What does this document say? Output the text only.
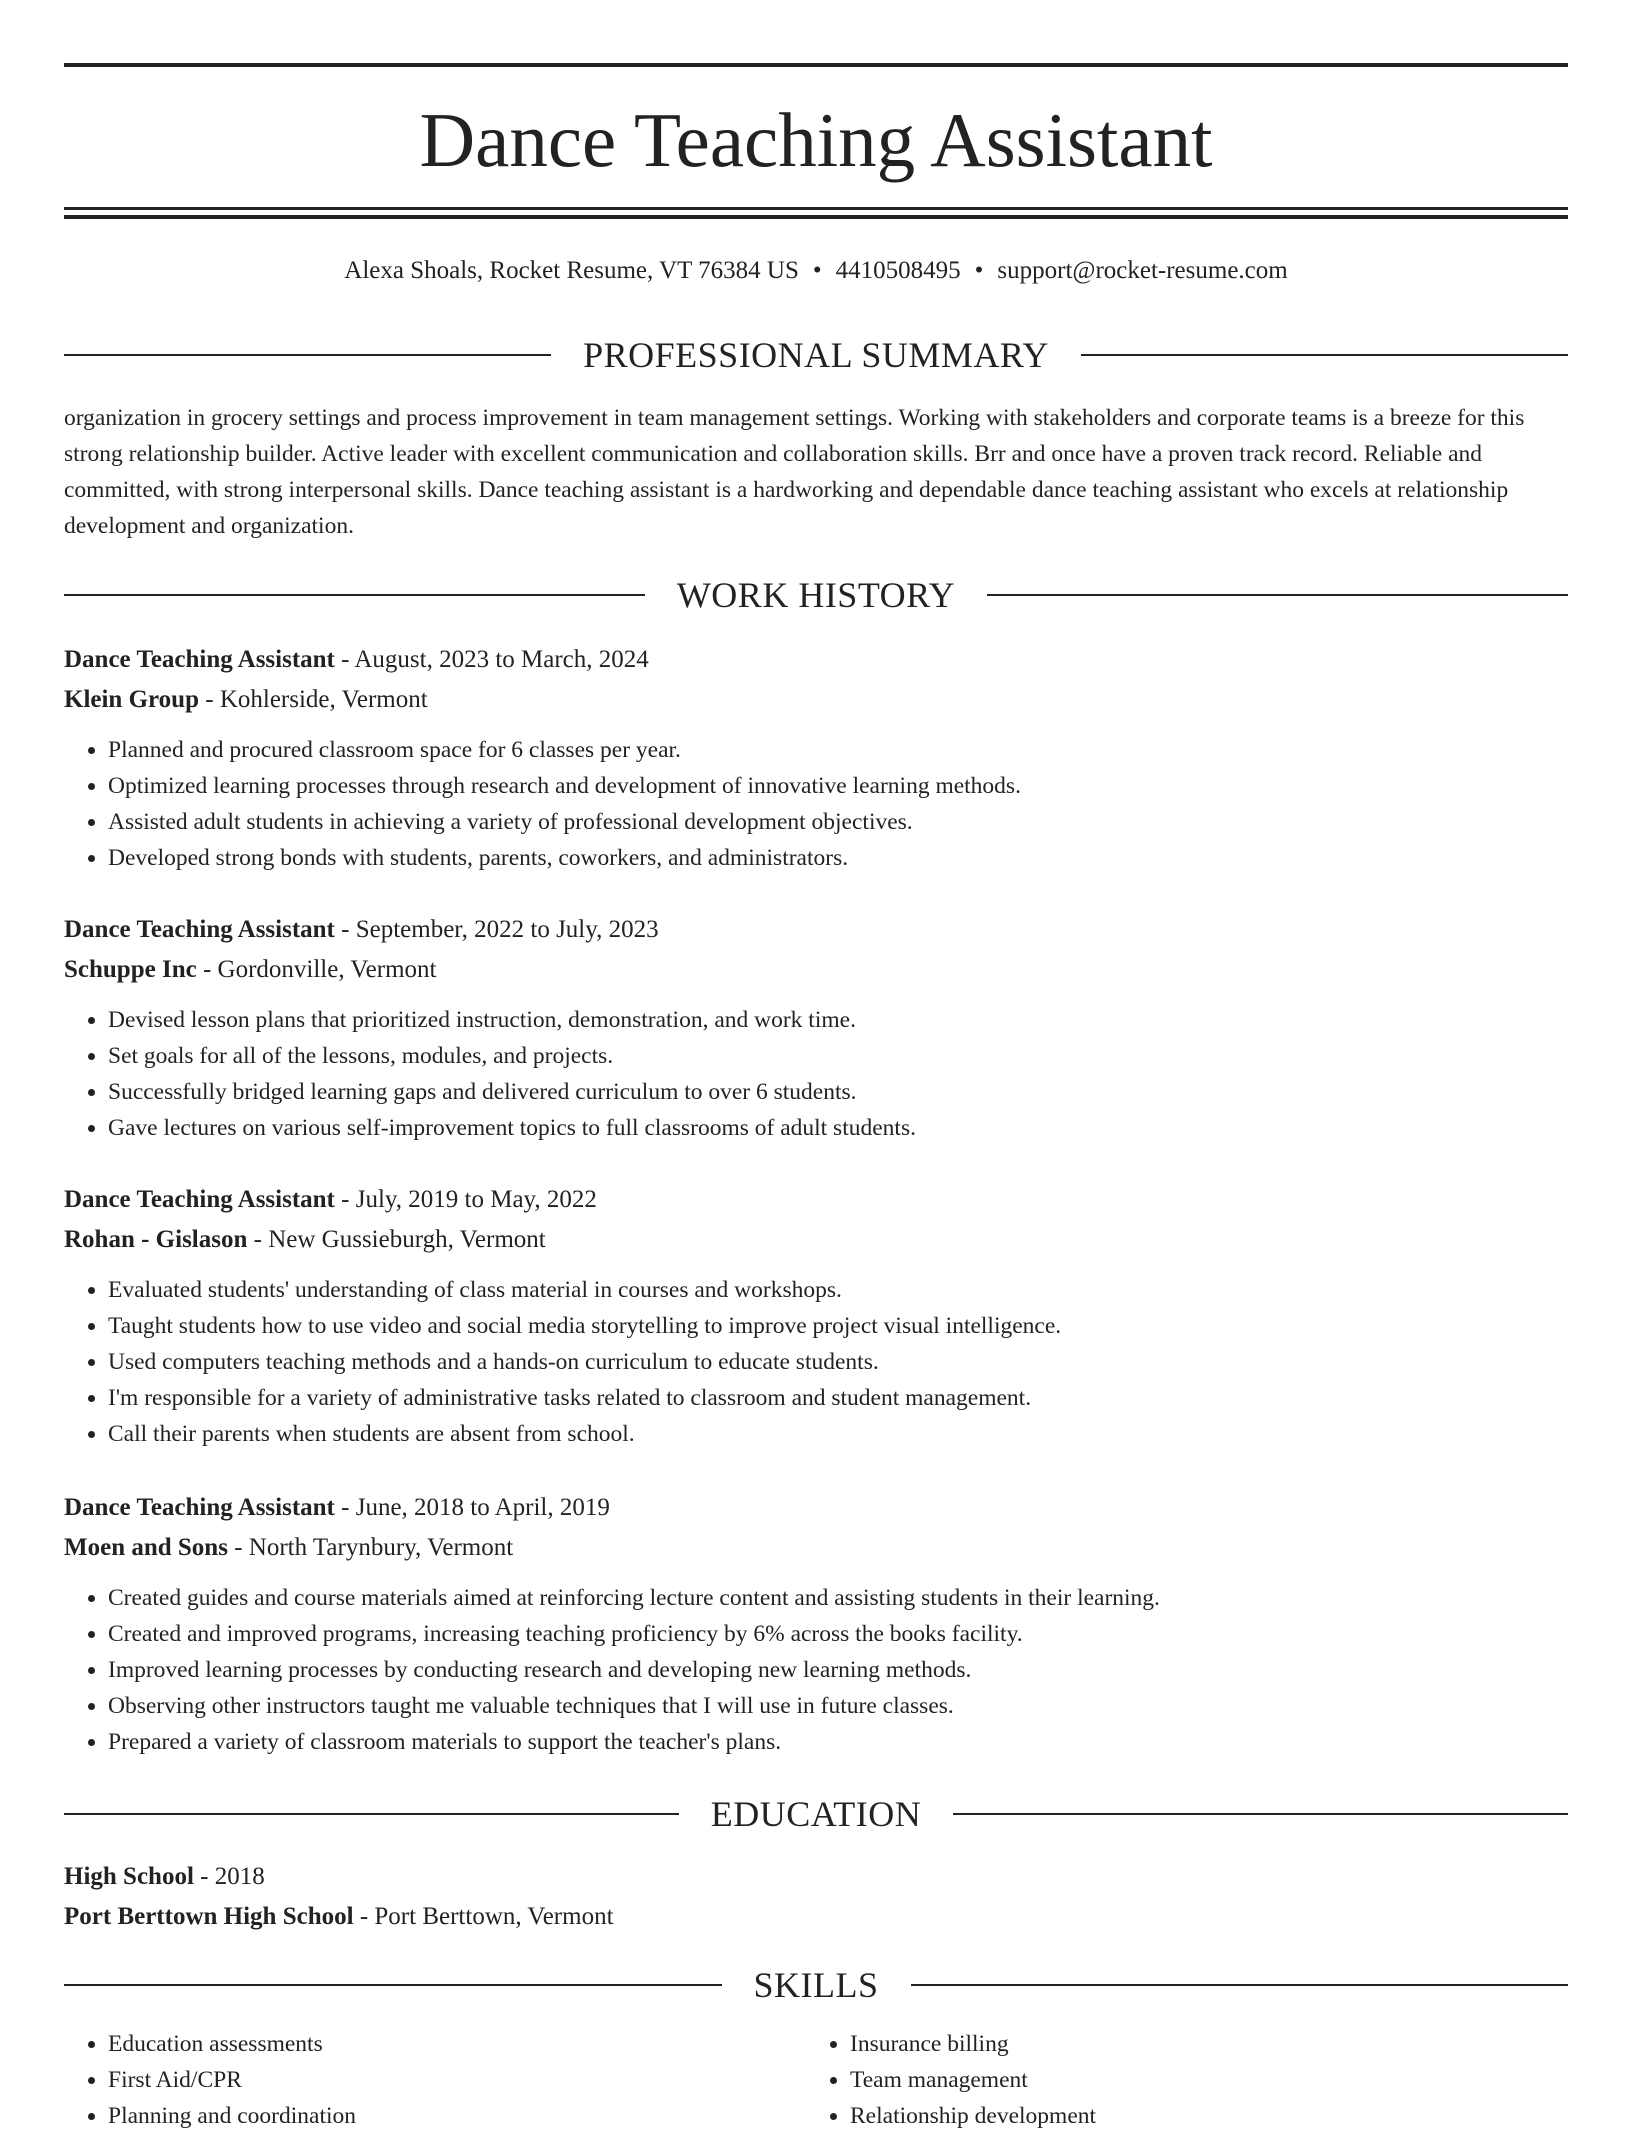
Dance Teaching Assistant
Alexa Shoals, Rocket Resume, VT 76384 US • 4410508495 • support@rocket-resume.com
PROFESSIONAL SUMMARY
organization in grocery settings and process improvement in team management settings. Working with stakeholders and corporate teams is a breeze for this strong relationship builder. Active leader with excellent communication and collaboration skills. Brr and once have a proven track record. Reliable and committed, with strong interpersonal skills. Dance teaching assistant is a hardworking and dependable dance teaching assistant who excels at relationship development and organization.
WORK HISTORY
Dance Teaching Assistant - August, 2023 to March, 2024
Klein Group - Kohlerside, Vermont
• Planned and procured classroom space for 6 classes per year.
• Optimized learning processes through research and development of innovative learning methods.
• Assisted adult students in achieving a variety of professional development objectives.
• Developed strong bonds with students, parents, coworkers, and administrators.
Dance Teaching Assistant - September, 2022 to July, 2023
Schuppe Inc - Gordonville, Vermont
• Devised lesson plans that prioritized instruction, demonstration, and work time.
• Set goals for all of the lessons, modules, and projects.
• Successfully bridged learning gaps and delivered curriculum to over 6 students.
• Gave lectures on various self-improvement topics to full classrooms of adult students.
Dance Teaching Assistant - July, 2019 to May, 2022
Rohan - Gislason - New Gussieburgh, Vermont
• Evaluated students' understanding of class material in courses and workshops.
• Taught students how to use video and social media storytelling to improve project visual intelligence.
• Used computers teaching methods and a hands-on curriculum to educate students.
• I'm responsible for a variety of administrative tasks related to classroom and student management.
• Call their parents when students are absent from school.
Dance Teaching Assistant - June, 2018 to April, 2019
Moen and Sons - North Tarynbury, Vermont
• Created guides and course materials aimed at reinforcing lecture content and assisting students in their learning.
• Created and improved programs, increasing teaching proficiency by 6% across the books facility.
• Improved learning processes by conducting research and developing new learning methods.
• Observing other instructors taught me valuable techniques that I will use in future classes.
• Prepared a variety of classroom materials to support the teacher's plans.
EDUCATION
High School - 2018
Port Berttown High School - Port Berttown, Vermont
SKILLS
• Education assessments
• First Aid/CPR
• Planning and coordination
• Insurance billing
• Team management
• Relationship development
